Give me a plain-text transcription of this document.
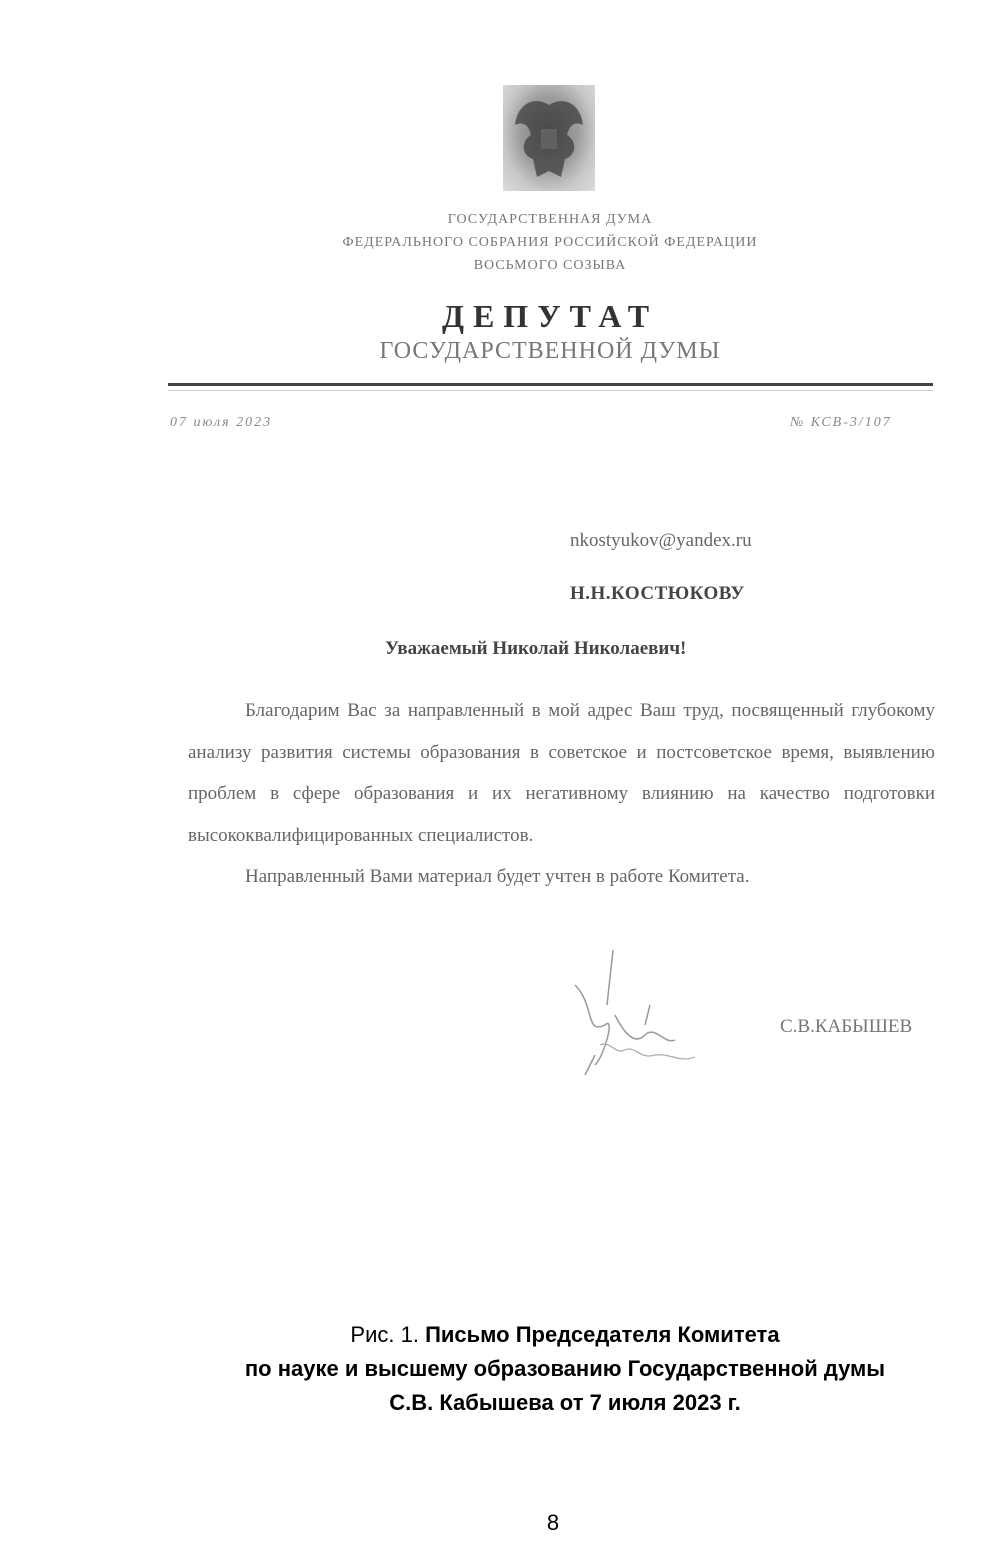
ГОСУДАРСТВЕННАЯ ДУМА
ФЕДЕРАЛЬНОГО СОБРАНИЯ РОССИЙСКОЙ ФЕДЕРАЦИИ
ВОСЬМОГО СОЗЫВА
ДЕПУТАТ
ГОСУДАРСТВЕННОЙ ДУМЫ
07 июля 2023	№ КСВ-3/107
nkostyukov@yandex.ru
Н.Н.КОСТЮКОВУ
Уважаемый Николай Николаевич!

Благодарим Вас за направленный в мой адрес Ваш труд, посвященный глубокому анализу развития системы образования в советское и постсоветское время, выявлению проблем в сфере образования и их негативному влиянию на качество подготовки высококвалифицированных специалистов.

Направленный Вами материал будет учтен в работе Комитета.

С.В.КАБЫШЕВ
Рис. 1. Письмо Председателя Комитета
по науке и высшему образованию Государственной думы
С.В. Кабышева от 7 июля 2023 г.
8
